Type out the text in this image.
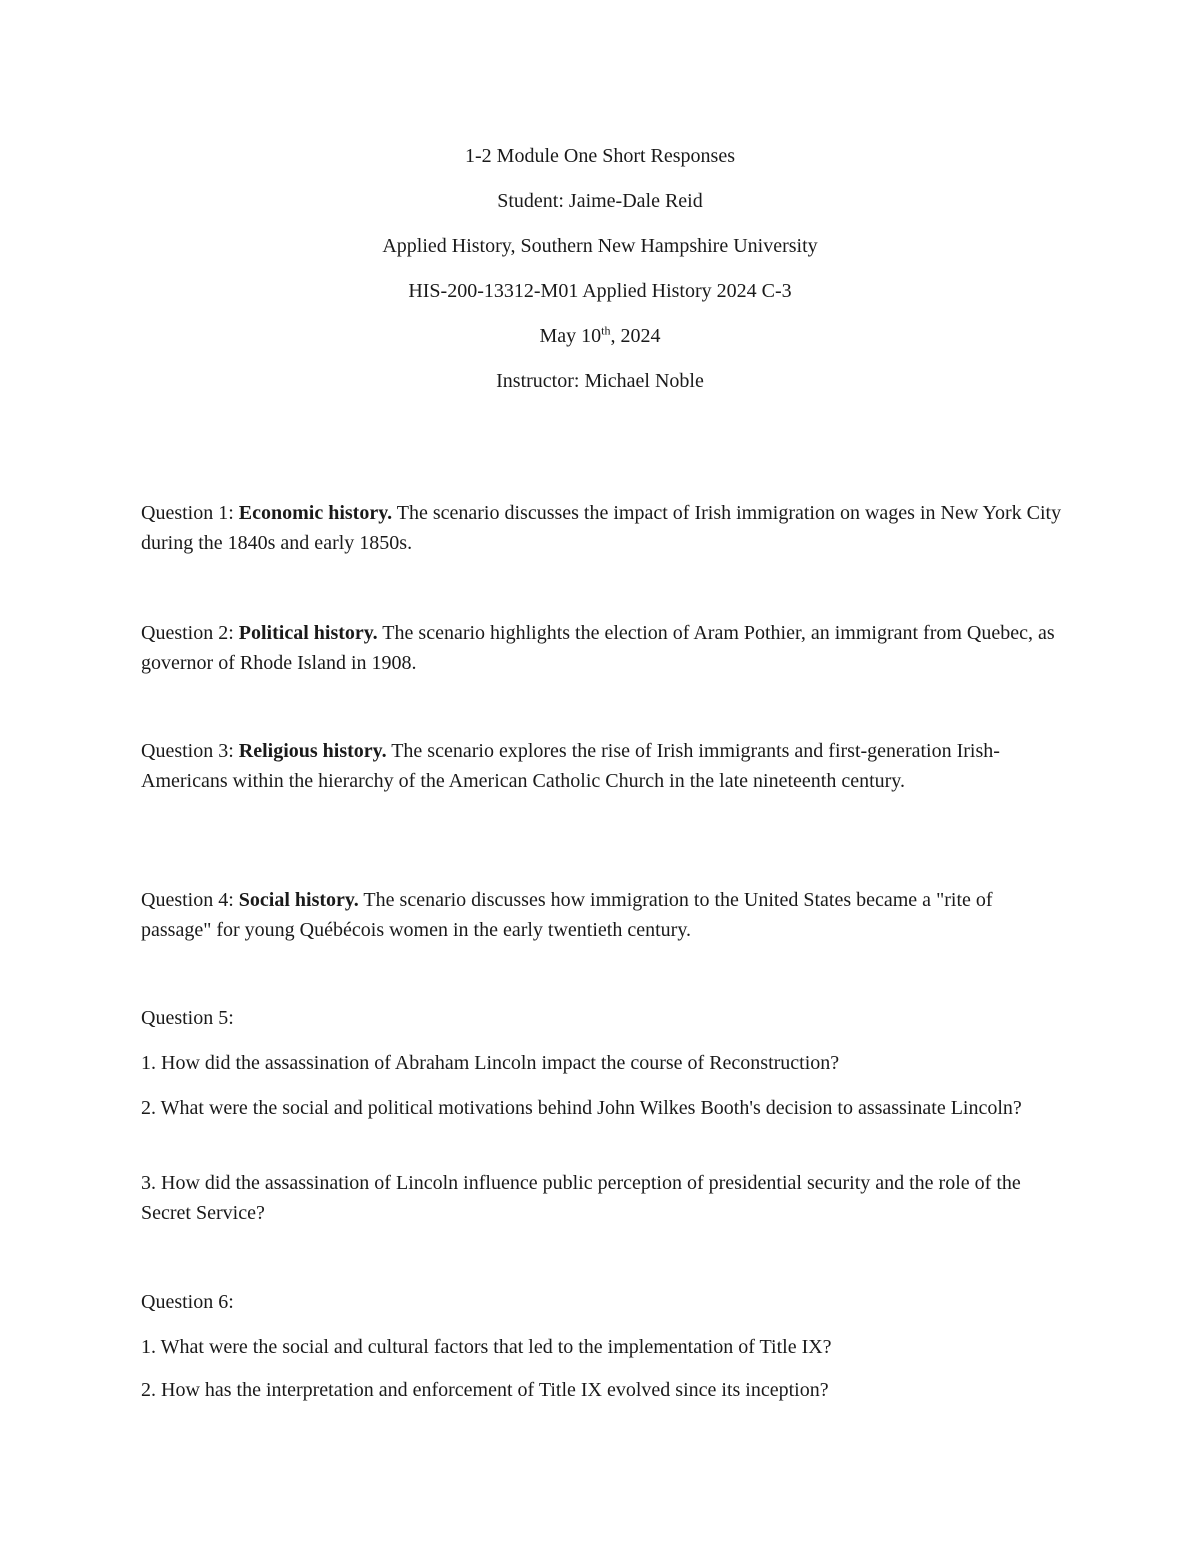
1-2 Module One Short Responses
Student: Jaime-Dale Reid
Applied History, Southern New Hampshire University
HIS-200-13312-M01 Applied History 2024 C-3
May 10th, 2024
Instructor: Michael Noble

Question 1: Economic history. The scenario discusses the impact of Irish immigration on wages in New York City during the 1840s and early 1850s.

Question 2: Political history. The scenario highlights the election of Aram Pothier, an immigrant from Quebec, as governor of Rhode Island in 1908.

Question 3: Religious history. The scenario explores the rise of Irish immigrants and first-generation Irish-Americans within the hierarchy of the American Catholic Church in the late nineteenth century.

Question 4: Social history. The scenario discusses how immigration to the United States became a "rite of passage" for young Québécois women in the early twentieth century.

Question 5:

1. How did the assassination of Abraham Lincoln impact the course of Reconstruction?

2. What were the social and political motivations behind John Wilkes Booth's decision to assassinate Lincoln?

3. How did the assassination of Lincoln influence public perception of presidential security and the role of the Secret Service?

Question 6:

1. What were the social and cultural factors that led to the implementation of Title IX?

2. How has the interpretation and enforcement of Title IX evolved since its inception?
